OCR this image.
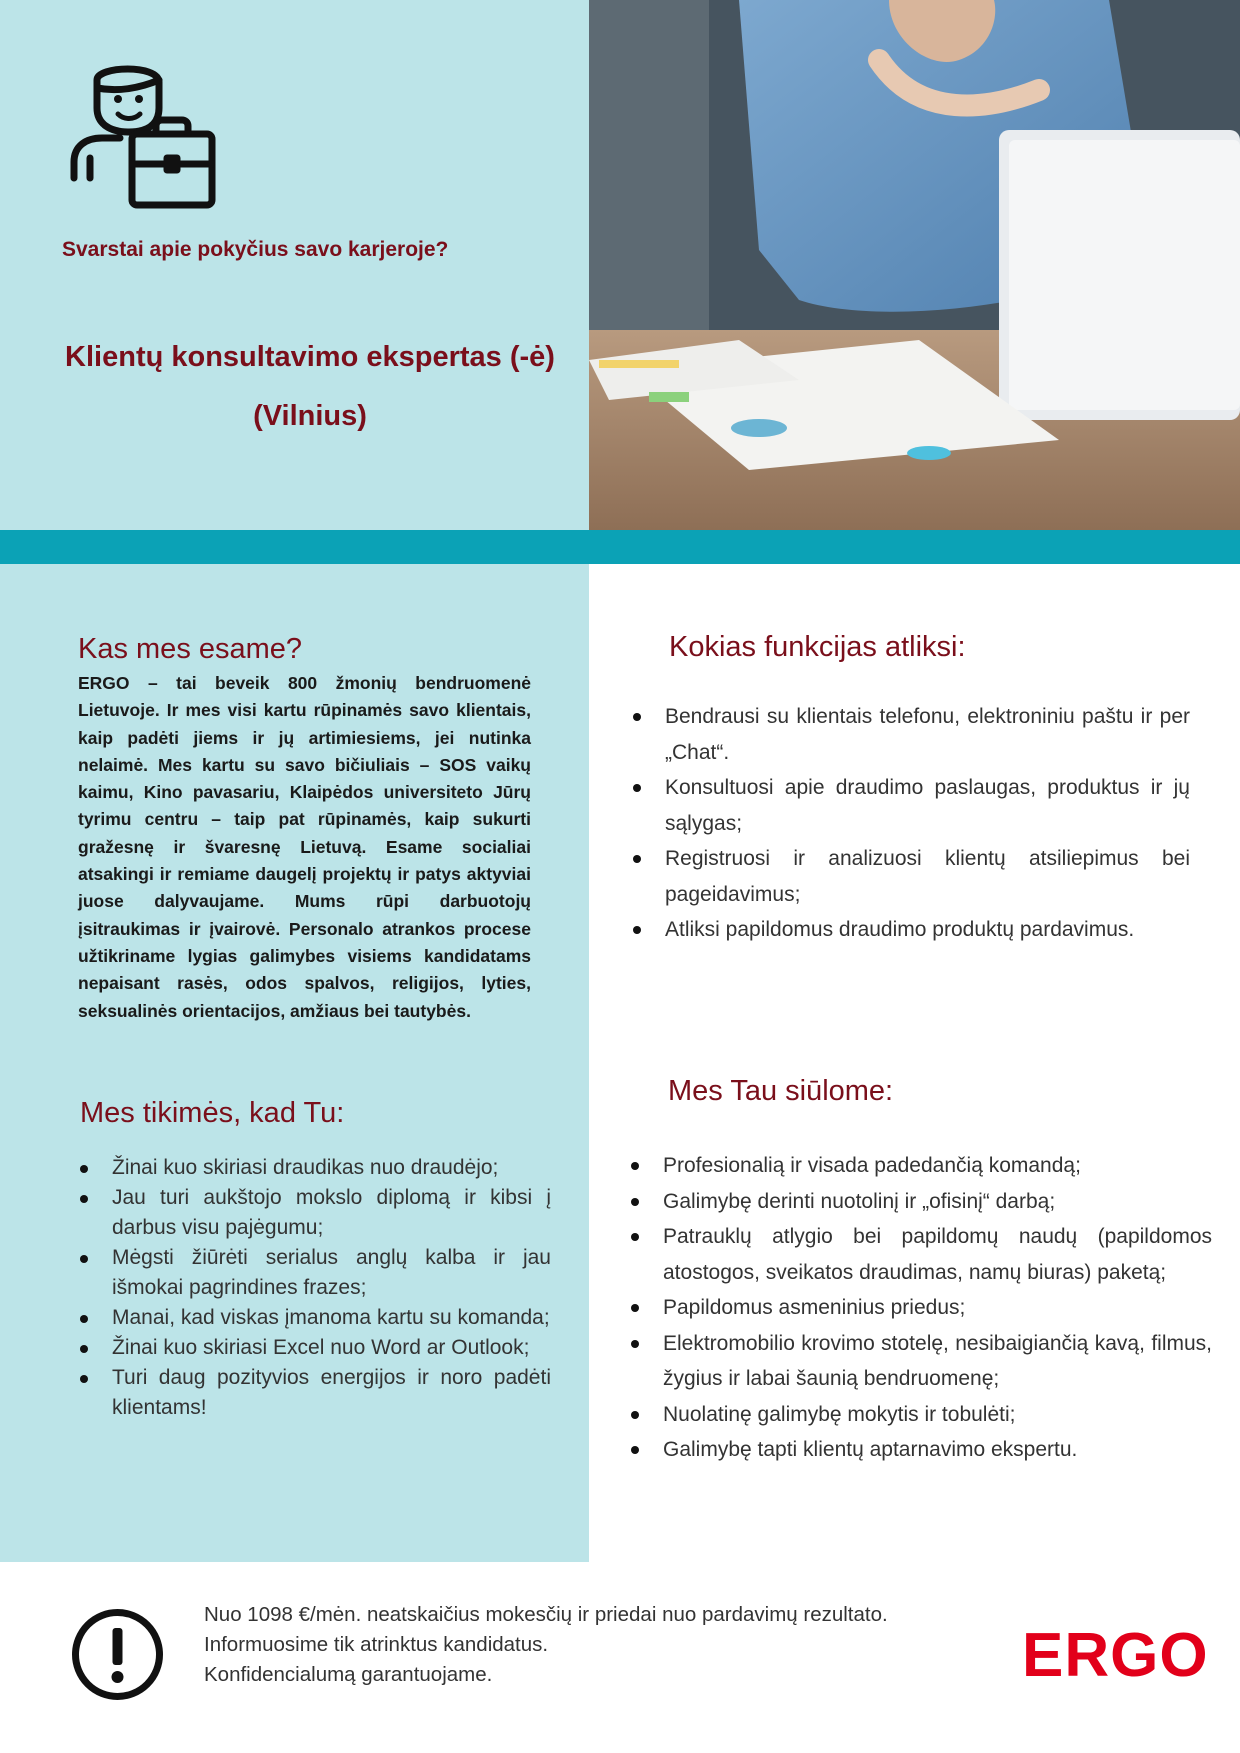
Svarstai apie pokyčius savo karjeroje?
Klientų konsultavimo ekspertas (-ė)
(Vilnius)
Kas mes esame?

ERGO – tai beveik 800 žmonių bendruomenė Lietuvoje. Ir mes visi kartu rūpinamės savo klientais, kaip padėti jiems ir jų artimiesiems, jei nutinka nelaimė. Mes kartu su savo bičiuliais – SOS vaikų kaimu, Kino pavasariu, Klaipėdos universiteto Jūrų tyrimu centru – taip pat rūpinamės, kaip sukurti gražesnę ir švaresnę Lietuvą. Esame socialiai atsakingi ir remiame daugelį projektų ir patys aktyviai juose dalyvaujame. Mums rūpi darbuotojų įsitraukimas ir įvairovė. Personalo atrankos procese užtikriname lygias galimybes visiems kandidatams nepaisant rasės, odos spalvos, religijos, lyties, seksualinės orientacijos, amžiaus bei tautybės.

Kokias funkcijas atliksi:
Bendrausi su klientais telefonu, elektroniniu paštu ir per „Chat“.
Konsultuosi apie draudimo paslaugas, produktus ir jų sąlygas;
Registruosi ir analizuosi klientų atsiliepimus bei pageidavimus;
Atliksi papildomus draudimo produktų pardavimus.
Mes tikimės, kad Tu:
Žinai kuo skiriasi draudikas nuo draudėjo;
Jau turi aukštojo mokslo diplomą ir kibsi į darbus visu pajėgumu;
Mėgsti žiūrėti serialus anglų kalba ir jau išmokai pagrindines frazes;
Manai, kad viskas įmanoma kartu su komanda;
Žinai kuo skiriasi Excel nuo Word ar Outlook;
Turi daug pozityvios energijos ir noro padėti klientams!
Mes Tau siūlome:
Profesionalią ir visada padedančią komandą;
Galimybę derinti nuotolinį ir „ofisinį“ darbą;
Patrauklų atlygio bei papildomų naudų (papildomos atostogos, sveikatos draudimas, namų biuras) paketą;
Papildomus asmeninius priedus;
Elektromobilio krovimo stotelę, nesibaigiančią kavą, filmus, žygius ir labai šaunią bendruomenę;
Nuolatinę galimybę mokytis ir tobulėti;
Galimybę tapti klientų aptarnavimo ekspertu.
Nuo 1098 €/mėn. neatskaičius mokesčių ir priedai nuo pardavimų rezultato.
Informuosime tik atrinktus kandidatus.
Konfidencialumą garantuojame.	ERGO
